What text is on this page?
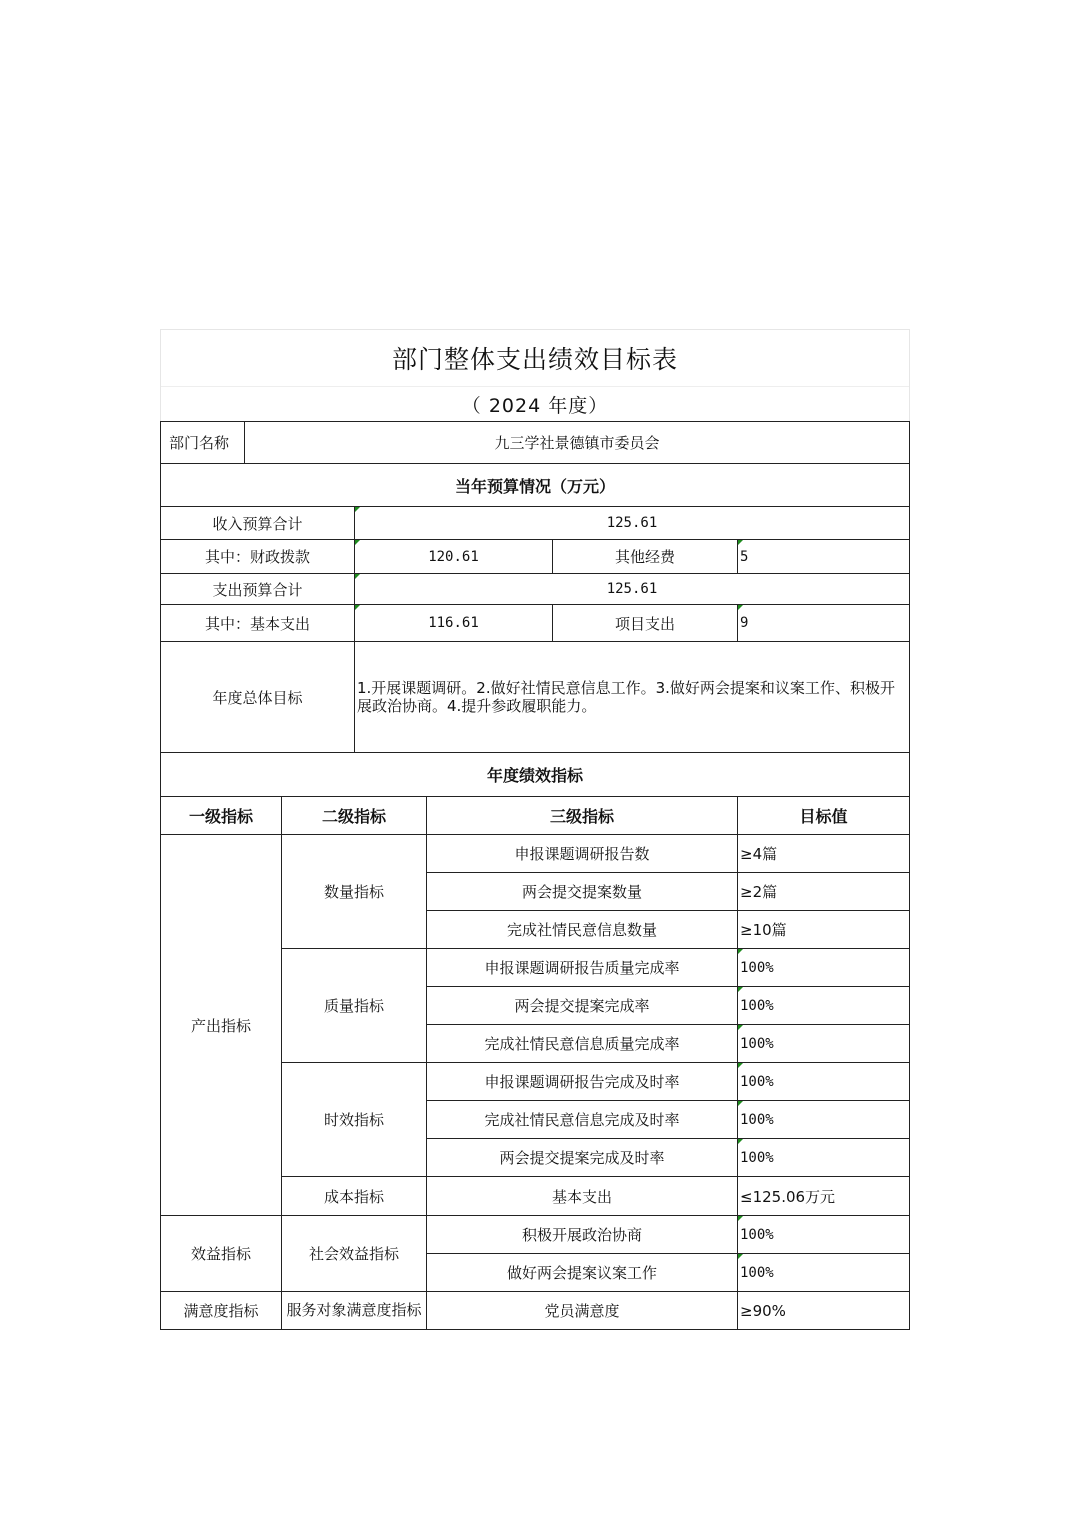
部门整体支出绩效目标表						
（ 2024 年度）						
部门名称	九三学社景德镇市委员会					
当年预算情况（万元）						
收入预算合计			125.61			
其中：财政拨款			120.61		其他经费	5
支出预算合计			125.61			
其中：基本支出			116.61		项目支出	9
年度总体目标			1.开展课题调研。2.做好社情民意信息工作。3.做好两会提案和议案工作、积极开展政治协商。4.提升参政履职能力。			
年度绩效指标						
一级指标		二级指标		三级指标		目标值
产出指标		数量指标		申报课题调研报告数		≥4篇
				两会提交提案数量		≥2篇
				完成社情民意信息数量		≥10篇
		质量指标		申报课题调研报告质量完成率		100%
				两会提交提案完成率		100%
				完成社情民意信息质量完成率		100%
		时效指标		申报课题调研报告完成及时率		100%
				完成社情民意信息完成及时率		100%
				两会提交提案完成及时率		100%
		成本指标		基本支出		≤125.06万元
效益指标		社会效益指标		积极开展政治协商		100%
				做好两会提案议案工作		100%
满意度指标		服务对象满意度指标		党员满意度		≥90%
